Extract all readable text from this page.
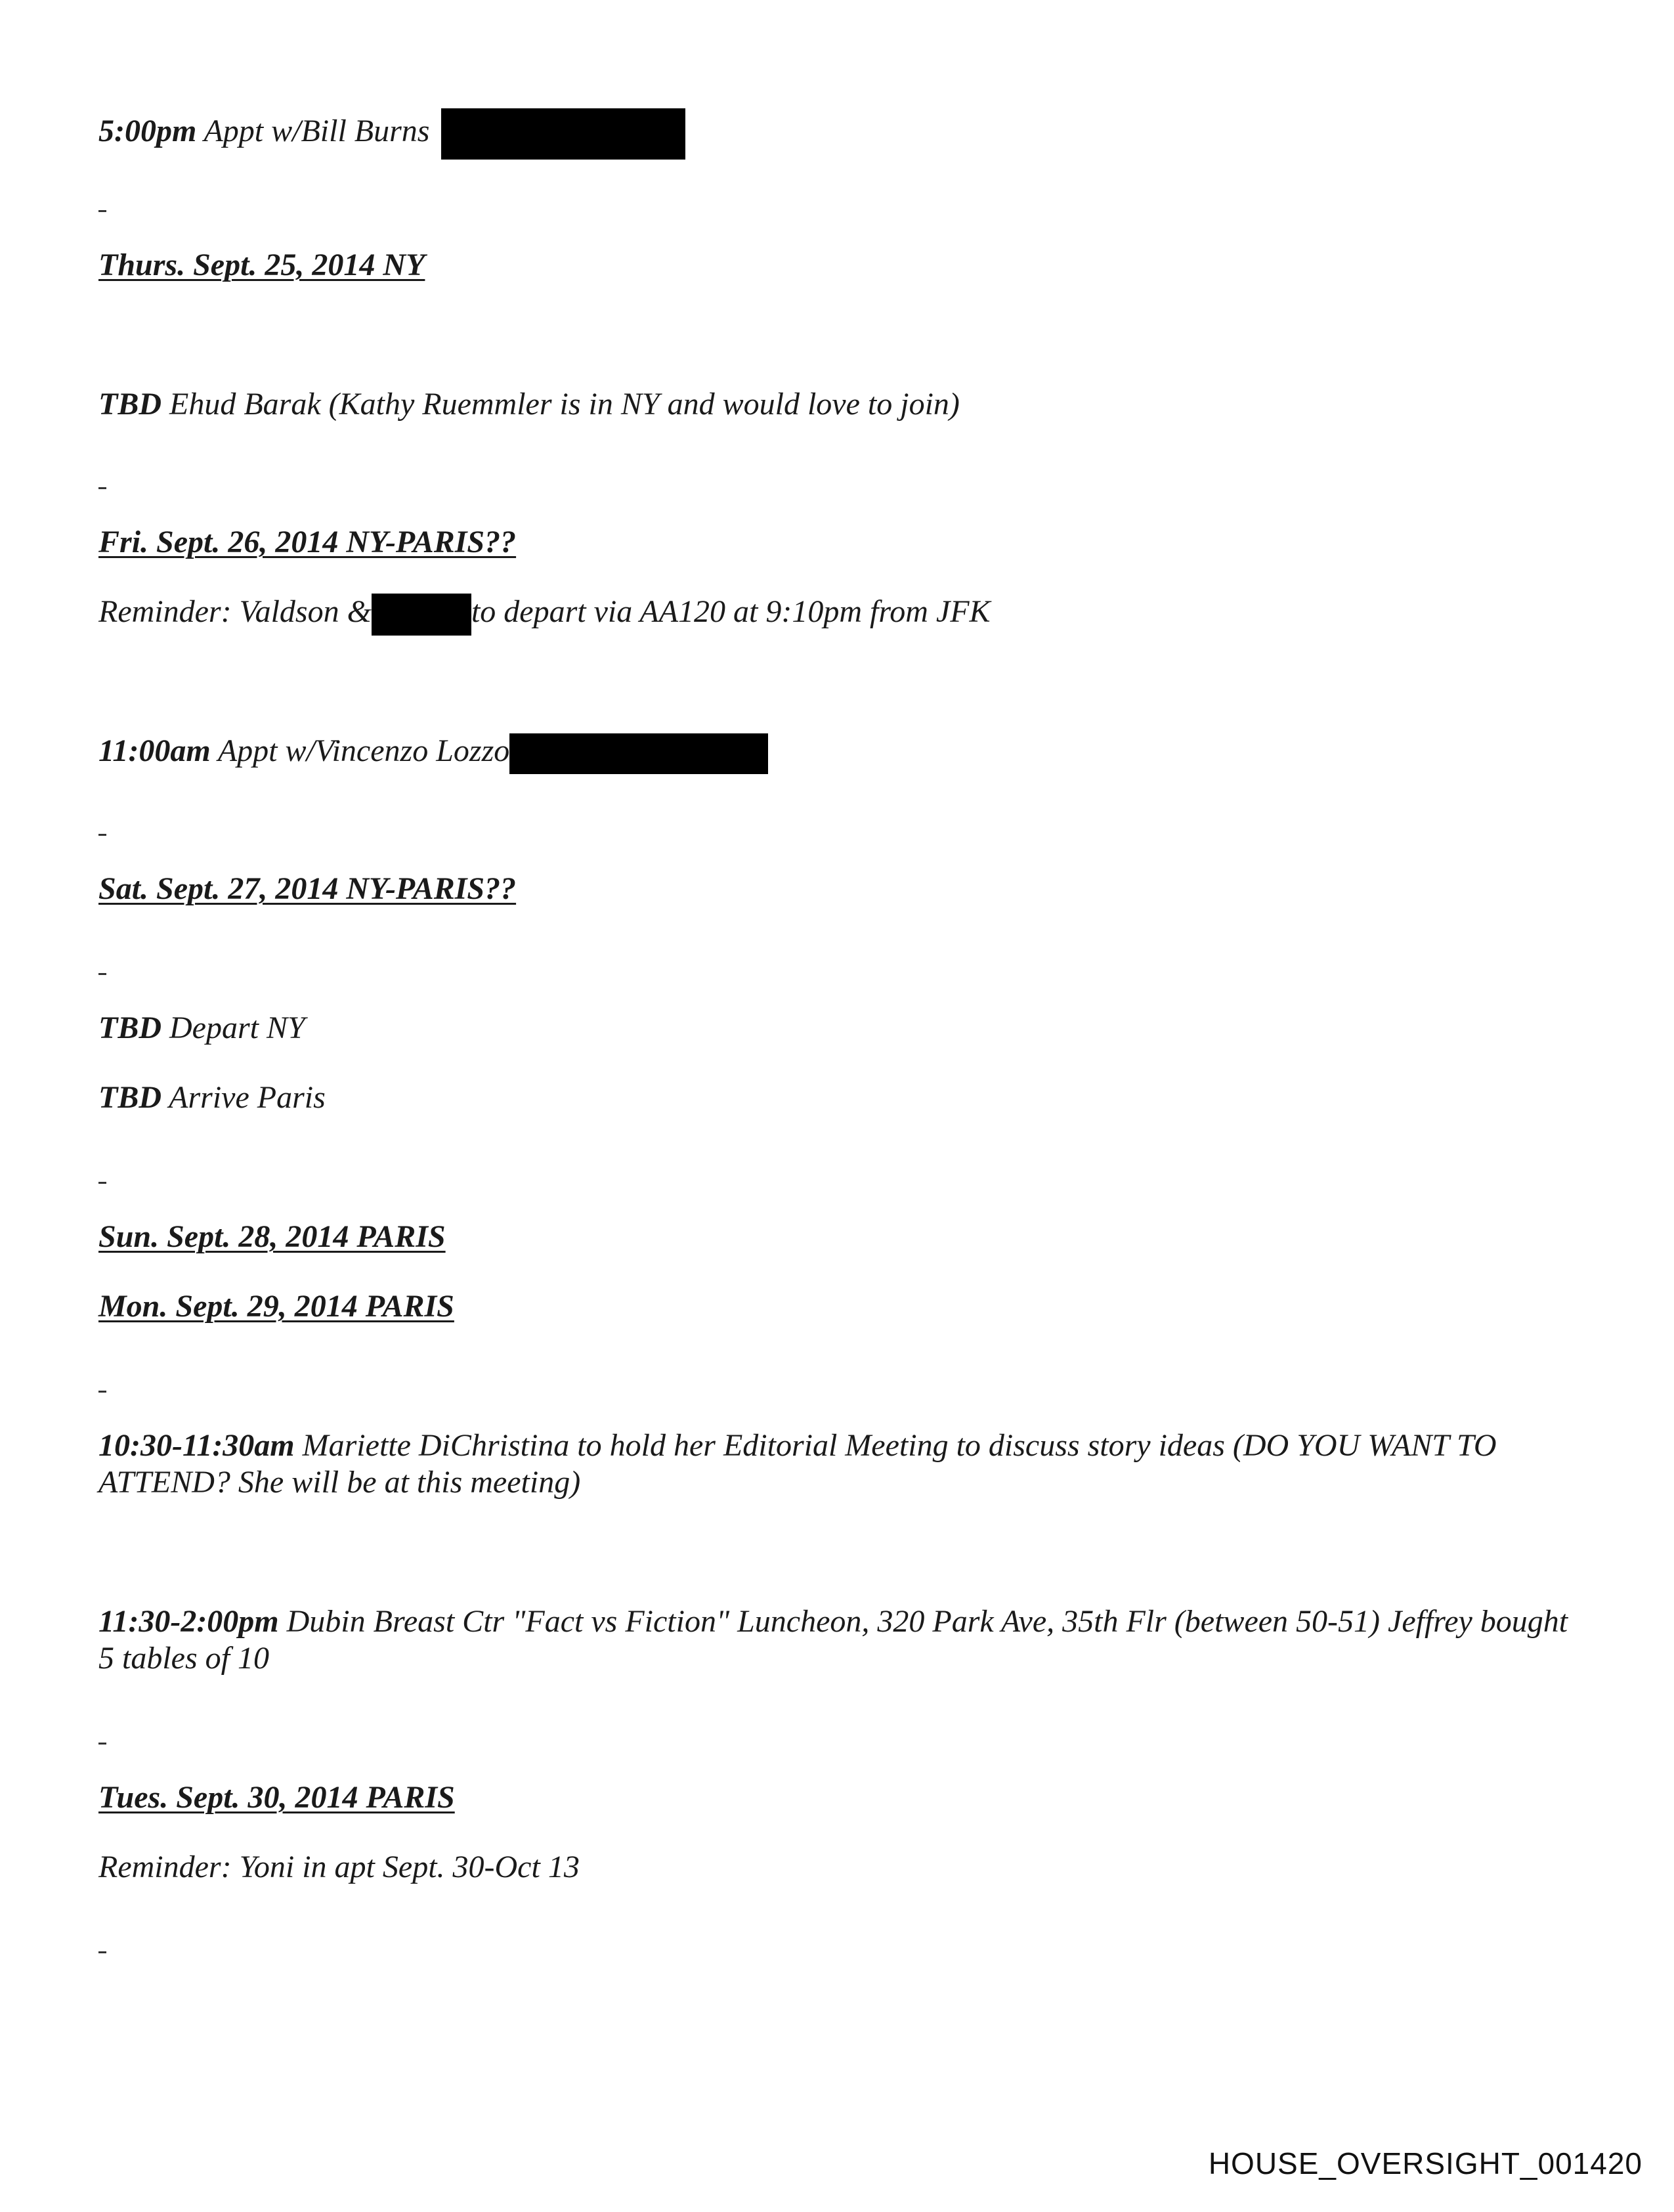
5:00pm Appt w/Bill Burns
Thurs. Sept. 25, 2014 NY
TBD Ehud Barak (Kathy Ruemmler is in NY and would love to join)
Fri. Sept. 26, 2014 NY-PARIS??
Reminder: Valdson &	to depart via AA120 at 9:10pm from JFK
11:00am Appt w/Vincenzo Lozzo
Sat. Sept. 27, 2014 NY-PARIS??
TBD Depart NY
TBD Arrive Paris
Sun. Sept. 28, 2014 PARIS
Mon. Sept. 29, 2014 PARIS
10:30-11:30am Mariette DiChristina to hold her Editorial Meeting to discuss story ideas (DO YOU WANT TO ATTEND? She will be at this meeting)
11:30-2:00pm Dubin Breast Ctr "Fact vs Fiction" Luncheon, 320 Park Ave, 35th Flr (between 50-51) Jeffrey bought 5 tables of 10
Tues. Sept. 30, 2014 PARIS
Reminder: Yoni in apt Sept. 30-Oct 13
HOUSE_OVERSIGHT_001420
